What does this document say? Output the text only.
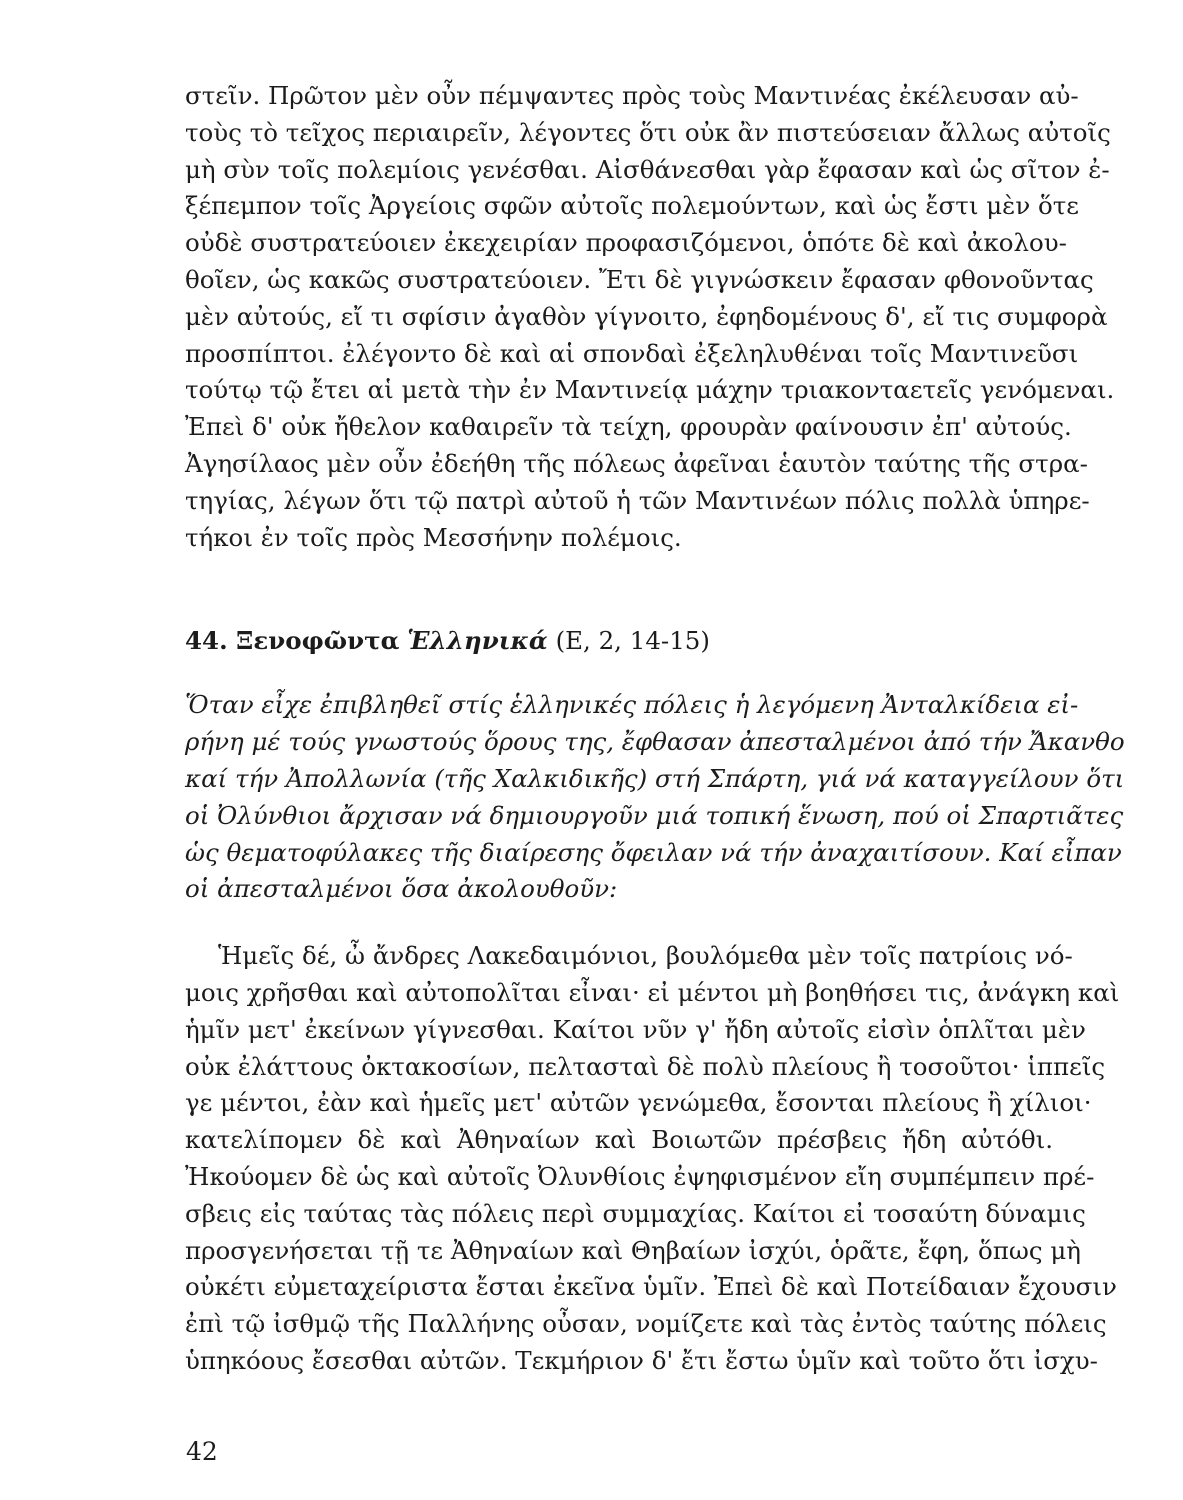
στεῖν. Πρῶτον μὲν οὖν πέμψαντες πρὸς τοὺς Μαντινέας ἐκέλευσαν αὐ-
τοὺς τὸ τεῖχος περιαιρεῖν, λέγοντες ὅτι οὐκ ἂν πιστεύσειαν ἄλλως αὐτοῖς
μὴ σὺν τοῖς πολεμίοις γενέσθαι. Αἰσθάνεσθαι γὰρ ἔφασαν καὶ ὡς σῖτον ἐ-
ξέπεμπον τοῖς Ἀργείοις σφῶν αὐτοῖς πολεμούντων, καὶ ὡς ἔστι μὲν ὅτε
οὐδὲ συστρατεύοιεν ἐκεχειρίαν προφασιζόμενοι, ὁπότε δὲ καὶ ἀκολου-
θοῖεν, ὡς κακῶς συστρατεύοιεν. Ἔτι δὲ γιγνώσκειν ἔφασαν φθονοῦντας
μὲν αὐτούς, εἴ τι σφίσιν ἀγαθὸν γίγνοιτο, ἐφηδομένους δ', εἴ τις συμφορὰ
προσπίπτοι. ἐλέγοντο δὲ καὶ αἱ σπονδαὶ ἐξεληλυθέναι τοῖς Μαντινεῦσι
τούτῳ τῷ ἔτει αἱ μετὰ τὴν ἐν Μαντινείᾳ μάχην τριακονταετεῖς γενόμεναι.
Ἐπεὶ δ' οὐκ ἤθελον καθαιρεῖν τὰ τείχη, φρουρὰν φαίνουσιν ἐπ' αὐτούς.
Ἀγησίλαος μὲν οὖν ἐδεήθη τῆς πόλεως ἀφεῖναι ἑαυτὸν ταύτης τῆς στρα-
τηγίας, λέγων ὅτι τῷ πατρὶ αὐτοῦ ἡ τῶν Μαντινέων πόλις πολλὰ ὑπηρε-
τήκοι ἐν τοῖς πρὸς Μεσσήνην πολέμοις.

44. Ξενοφῶντα Ἑλληνικά (Ε, 2, 14-15)

Ὅταν εἶχε ἐπιβληθεῖ στίς ἑλληνικές πόλεις ἡ λεγόμενη Ἀνταλκίδεια εἰ-
ρήνη μέ τούς γνωστούς ὅρους της, ἔφθασαν ἀπεσταλμένοι ἀπό τήν Ἄκανθο
καί τήν Ἀπολλωνία (τῆς Χαλκιδικῆς) στή Σπάρτη, γιά νά καταγγείλουν ὅτι
οἱ Ὀλύνθιοι ἄρχισαν νά δημιουργοῦν μιά τοπική ἕνωση, πού οἱ Σπαρτιᾶτες
ὡς θεματοφύλακες τῆς διαίρεσης ὄφειλαν νά τήν ἀναχαιτίσουν. Καί εἶπαν
οἱ ἀπεσταλμένοι ὅσα ἀκολουθοῦν:

Ἡμεῖς δέ, ὦ ἄνδρες Λακεδαιμόνιοι, βουλόμεθα μὲν τοῖς πατρίοις νό-
μοις χρῆσθαι καὶ αὐτοπολῖται εἶναι· εἰ μέντοι μὴ βοηθήσει τις, ἀνάγκη καὶ
ἡμῖν μετ' ἐκείνων γίγνεσθαι. Καίτοι νῦν γ' ἤδη αὐτοῖς εἰσὶν ὁπλῖται μὲν
οὐκ ἐλάττους ὀκτακοσίων, πελτασταὶ δὲ πολὺ πλείους ἢ τοσοῦτοι· ἱππεῖς
γε μέντοι, ἐὰν καὶ ἡμεῖς μετ' αὐτῶν γενώμεθα, ἔσονται πλείους ἢ χίλιοι·
κατελίπομεν δὲ καὶ Ἀθηναίων καὶ Βοιωτῶν πρέσβεις ἤδη αὐτόθι.
Ἠκούομεν δὲ ὡς καὶ αὐτοῖς Ὀλυνθίοις ἐψηφισμένον εἴη συμπέμπειν πρέ-
σβεις εἰς ταύτας τὰς πόλεις περὶ συμμαχίας. Καίτοι εἰ τοσαύτη δύναμις
προσγενήσεται τῇ τε Ἀθηναίων καὶ Θηβαίων ἰσχύι, ὁρᾶτε, ἔφη, ὅπως μὴ
οὐκέτι εὐμεταχείριστα ἔσται ἐκεῖνα ὑμῖν. Ἐπεὶ δὲ καὶ Ποτείδαιαν ἔχουσιν
ἐπὶ τῷ ἰσθμῷ τῆς Παλλήνης οὖσαν, νομίζετε καὶ τὰς ἐντὸς ταύτης πόλεις
ὑπηκόους ἔσεσθαι αὐτῶν. Τεκμήριον δ' ἔτι ἔστω ὑμῖν καὶ τοῦτο ὅτι ἰσχυ-

42
